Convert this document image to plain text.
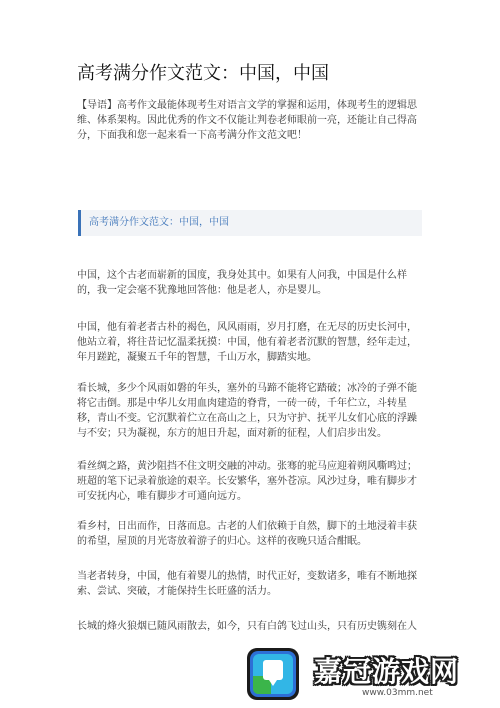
高考满分作文范文：中国，中国
【导语】高考作文最能体现考生对语言文学的掌握和运用，体现考生的逻辑思维、体系架构。因此优秀的作文不仅能让判卷老师眼前一亮，还能让自己得高分，下面我和您一起来看一下高考满分作文范文吧！
高考满分作文范文：中国，中国
中国，这个古老而崭新的国度，我身处其中。如果有人问我，中国是什么样的，我一定会毫不犹豫地回答他：他是老人，亦是婴儿。
中国，他有着老者古朴的褐色，风风雨雨，岁月打磨，在无尽的历史长河中，他站立着，将往昔记忆温柔抚摸：中国，他有着老者沉默的智慧，经年走过，年月蹉跎，凝聚五千年的智慧，千山万水，脚踏实地。
看长城，多少个风雨如磐的年头，塞外的马蹄不能将它踏破；冰冷的子弹不能将它击倒。那是中华儿女用血肉建造的脊背，一砖一砖，千年伫立，斗转星移，青山不变。它沉默着伫立在高山之上，只为守护、抚平儿女们心底的浮躁与不安；只为凝视，东方的旭日升起，面对新的征程，人们启步出发。
看丝绸之路，黄沙阻挡不住文明交融的冲动。张骞的驼马应迎着朔风嘶鸣过；班超的笔下记录着旅途的艰辛。长安繁华，塞外苍凉。风沙过身，唯有脚步才可安抚内心，唯有脚步才可通向远方。
看乡村，日出而作，日落而息。古老的人们依赖于自然，脚下的土地浸着丰获的希望，屋顶的月光寄放着游子的归心。这样的夜晚只适合酣眠。
当老者转身，中国，他有着婴儿的热情，时代正好，变数诸多，唯有不断地探索、尝试、突破，才能保持生长旺盛的活力。
长城的烽火狼烟已随风雨散去，如今，只有白鸽飞过山头，只有历史镌刻在人
嘉冠游戏网
www.03mm.net
